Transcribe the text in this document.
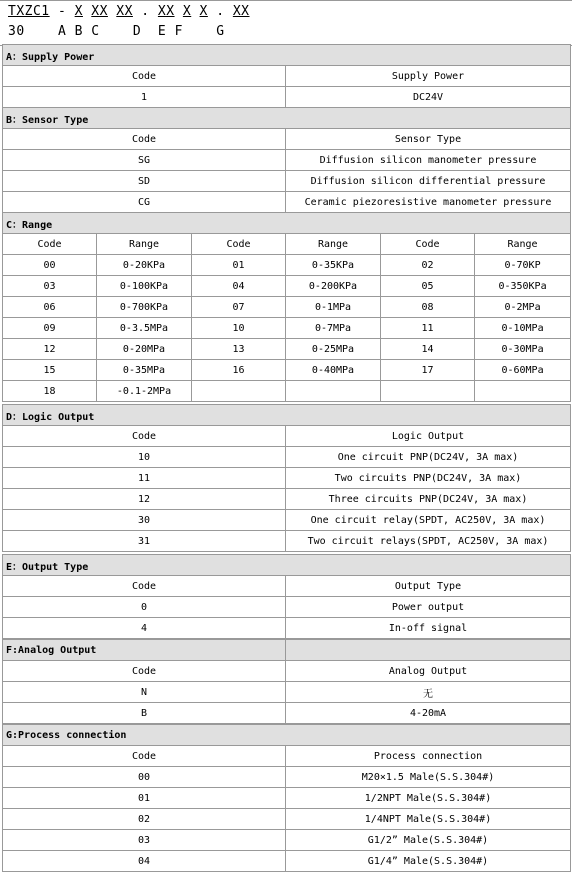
TXZC1 - X XX XX . XX X X . XX
30	A B C	D E F	G
A：Supply Power	
Code	Supply Power
1	DC24V
B：Sensor Type	
Code	Sensor Type
SG	Diffusion silicon manometer pressure
SD	Diffusion silicon differential pressure
CG	Ceramic piezoresistive manometer pressure
C：Range					
Code	Range	Code	Range	Code	Range
00	0-20KPa	01	0-35KPa	02	0-70KP
03	0-100KPa	04	0-200KPa	05	0-350KPa
06	0-700KPa	07	0-1MPa	08	0-2MPa
09	0-3.5MPa	10	0-7MPa	11	0-10MPa
12	0-20MPa	13	0-25MPa	14	0-30MPa
15	0-35MPa	16	0-40MPa	17	0-60MPa
18	-0.1-2MPa				
D：Logic Output	
Code	Logic Output
10	One circuit PNP(DC24V, 3A max)
11	Two circuits PNP(DC24V, 3A max)
12	Three circuits PNP(DC24V, 3A max)
30	One circuit relay(SPDT, AC250V, 3A max)
31	Two circuit relays(SPDT, AC250V, 3A max)
E：Output Type	
Code	Output Type
0	Power output
4	In-off signal
F:Analog Output	
Code	Analog Output
N	无
B	4-20mA
G:Process connection	
Code	Process connection
00	M20×1.5 Male(S.S.304#)
01	1/2NPT Male(S.S.304#)
02	1/4NPT Male(S.S.304#)
03	G1/2” Male(S.S.304#)
04	G1/4” Male(S.S.304#)
